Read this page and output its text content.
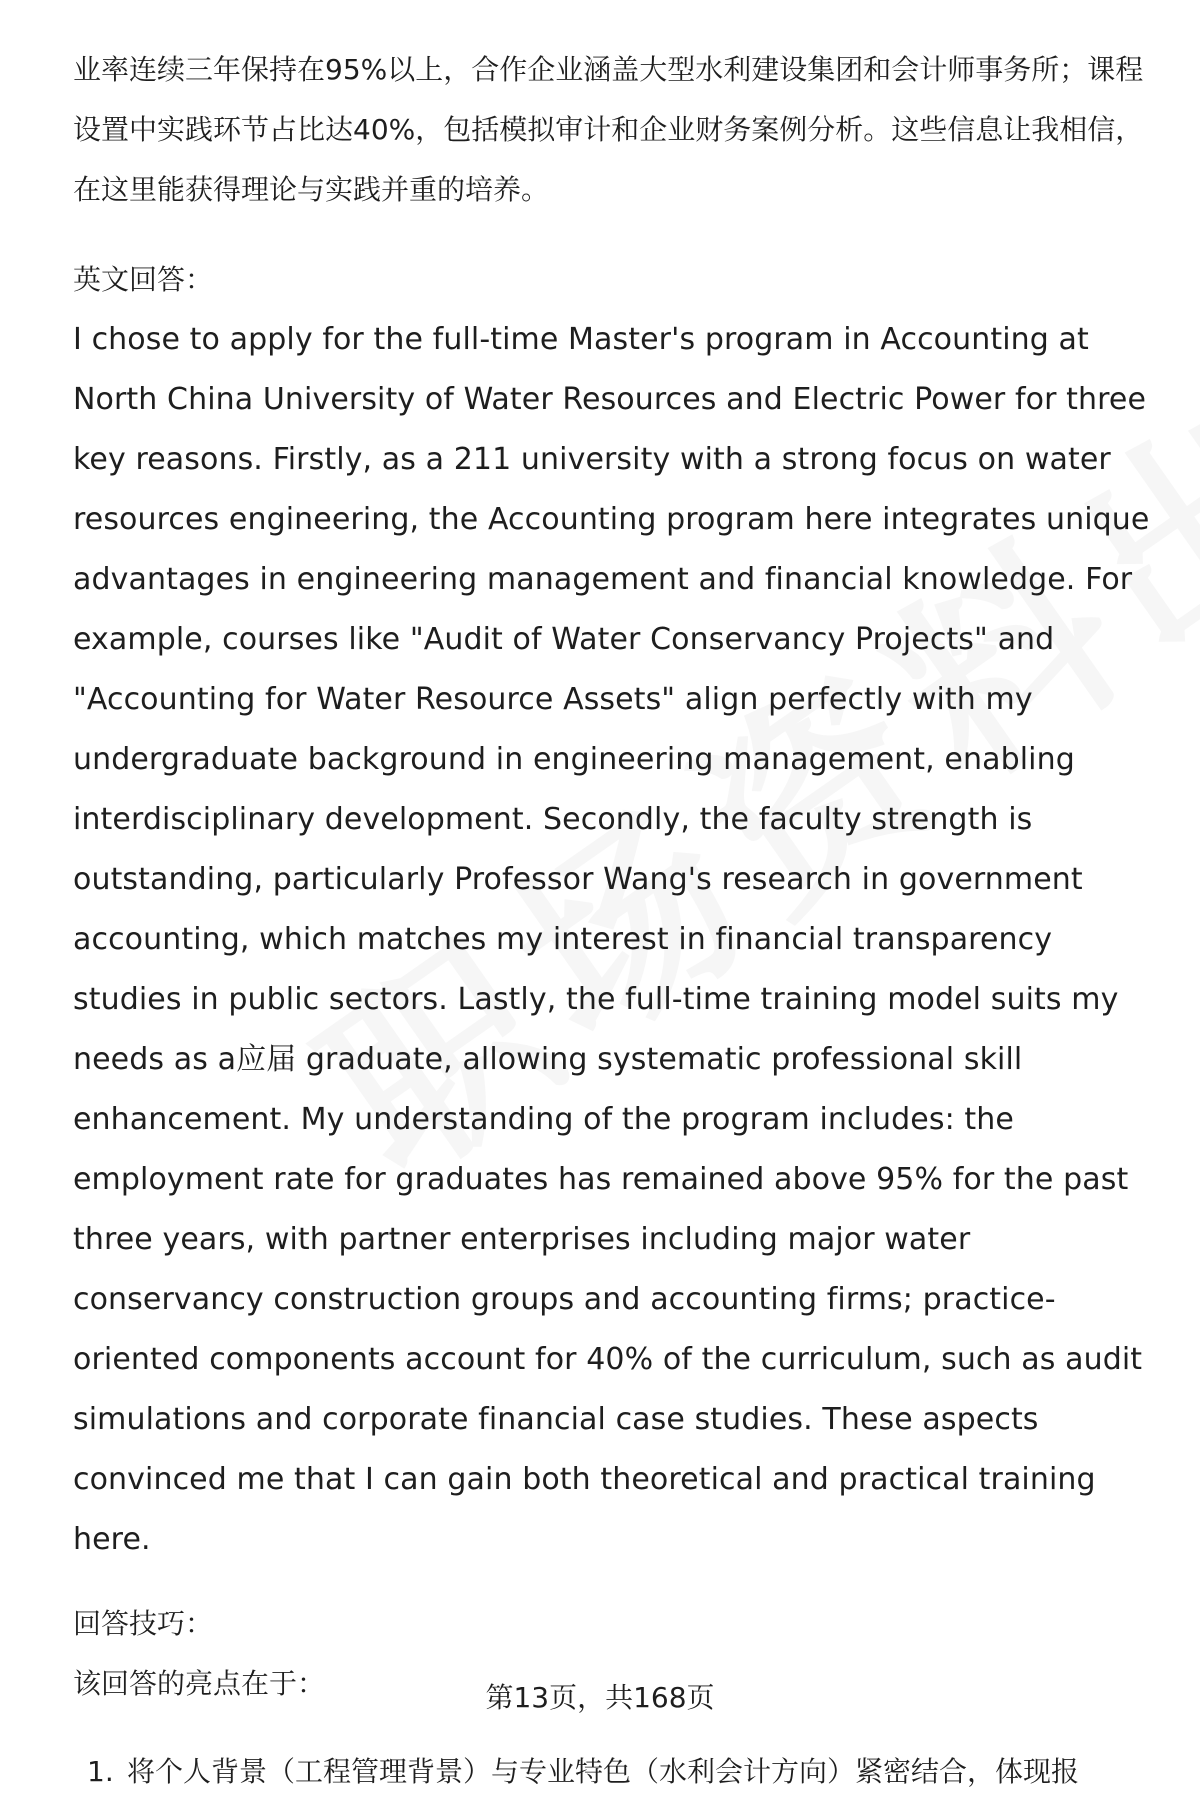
业率连续三年保持在95%以上，合作企业涵盖大型水利建设集团和会计师事务所；课程设置中实践环节占比达40%，包括模拟审计和企业财务案例分析。这些信息让我相信，在这里能获得理论与实践并重的培养。

英文回答：

I chose to apply for the full-time Master's program in Accounting at North China University of Water Resources and Electric Power for three key reasons. Firstly, as a 211 university with a strong focus on water resources engineering, the Accounting program here integrates unique advantages in engineering management and financial knowledge. For example, courses like "Audit of Water Conservancy Projects" and "Accounting for Water Resource Assets" align perfectly with my undergraduate background in engineering management, enabling interdisciplinary development. Secondly, the faculty strength is outstanding, particularly Professor Wang's research in government accounting, which matches my interest in financial transparency studies in public sectors. Lastly, the full-time training model suits my needs as a应届 graduate, allowing systematic professional skill enhancement. My understanding of the program includes: the employment rate for graduates has remained above 95% for the past three years, with partner enterprises including major water conservancy construction groups and accounting firms; practice-oriented components account for 40% of the curriculum, such as audit simulations and corporate financial case studies. These aspects convinced me that I can gain both theoretical and practical training here.

回答技巧：

该回答的亮点在于：

1. 将个人背景（工程管理背景）与专业特色（水利会计方向）紧密结合，体现报

第13页，共168页
